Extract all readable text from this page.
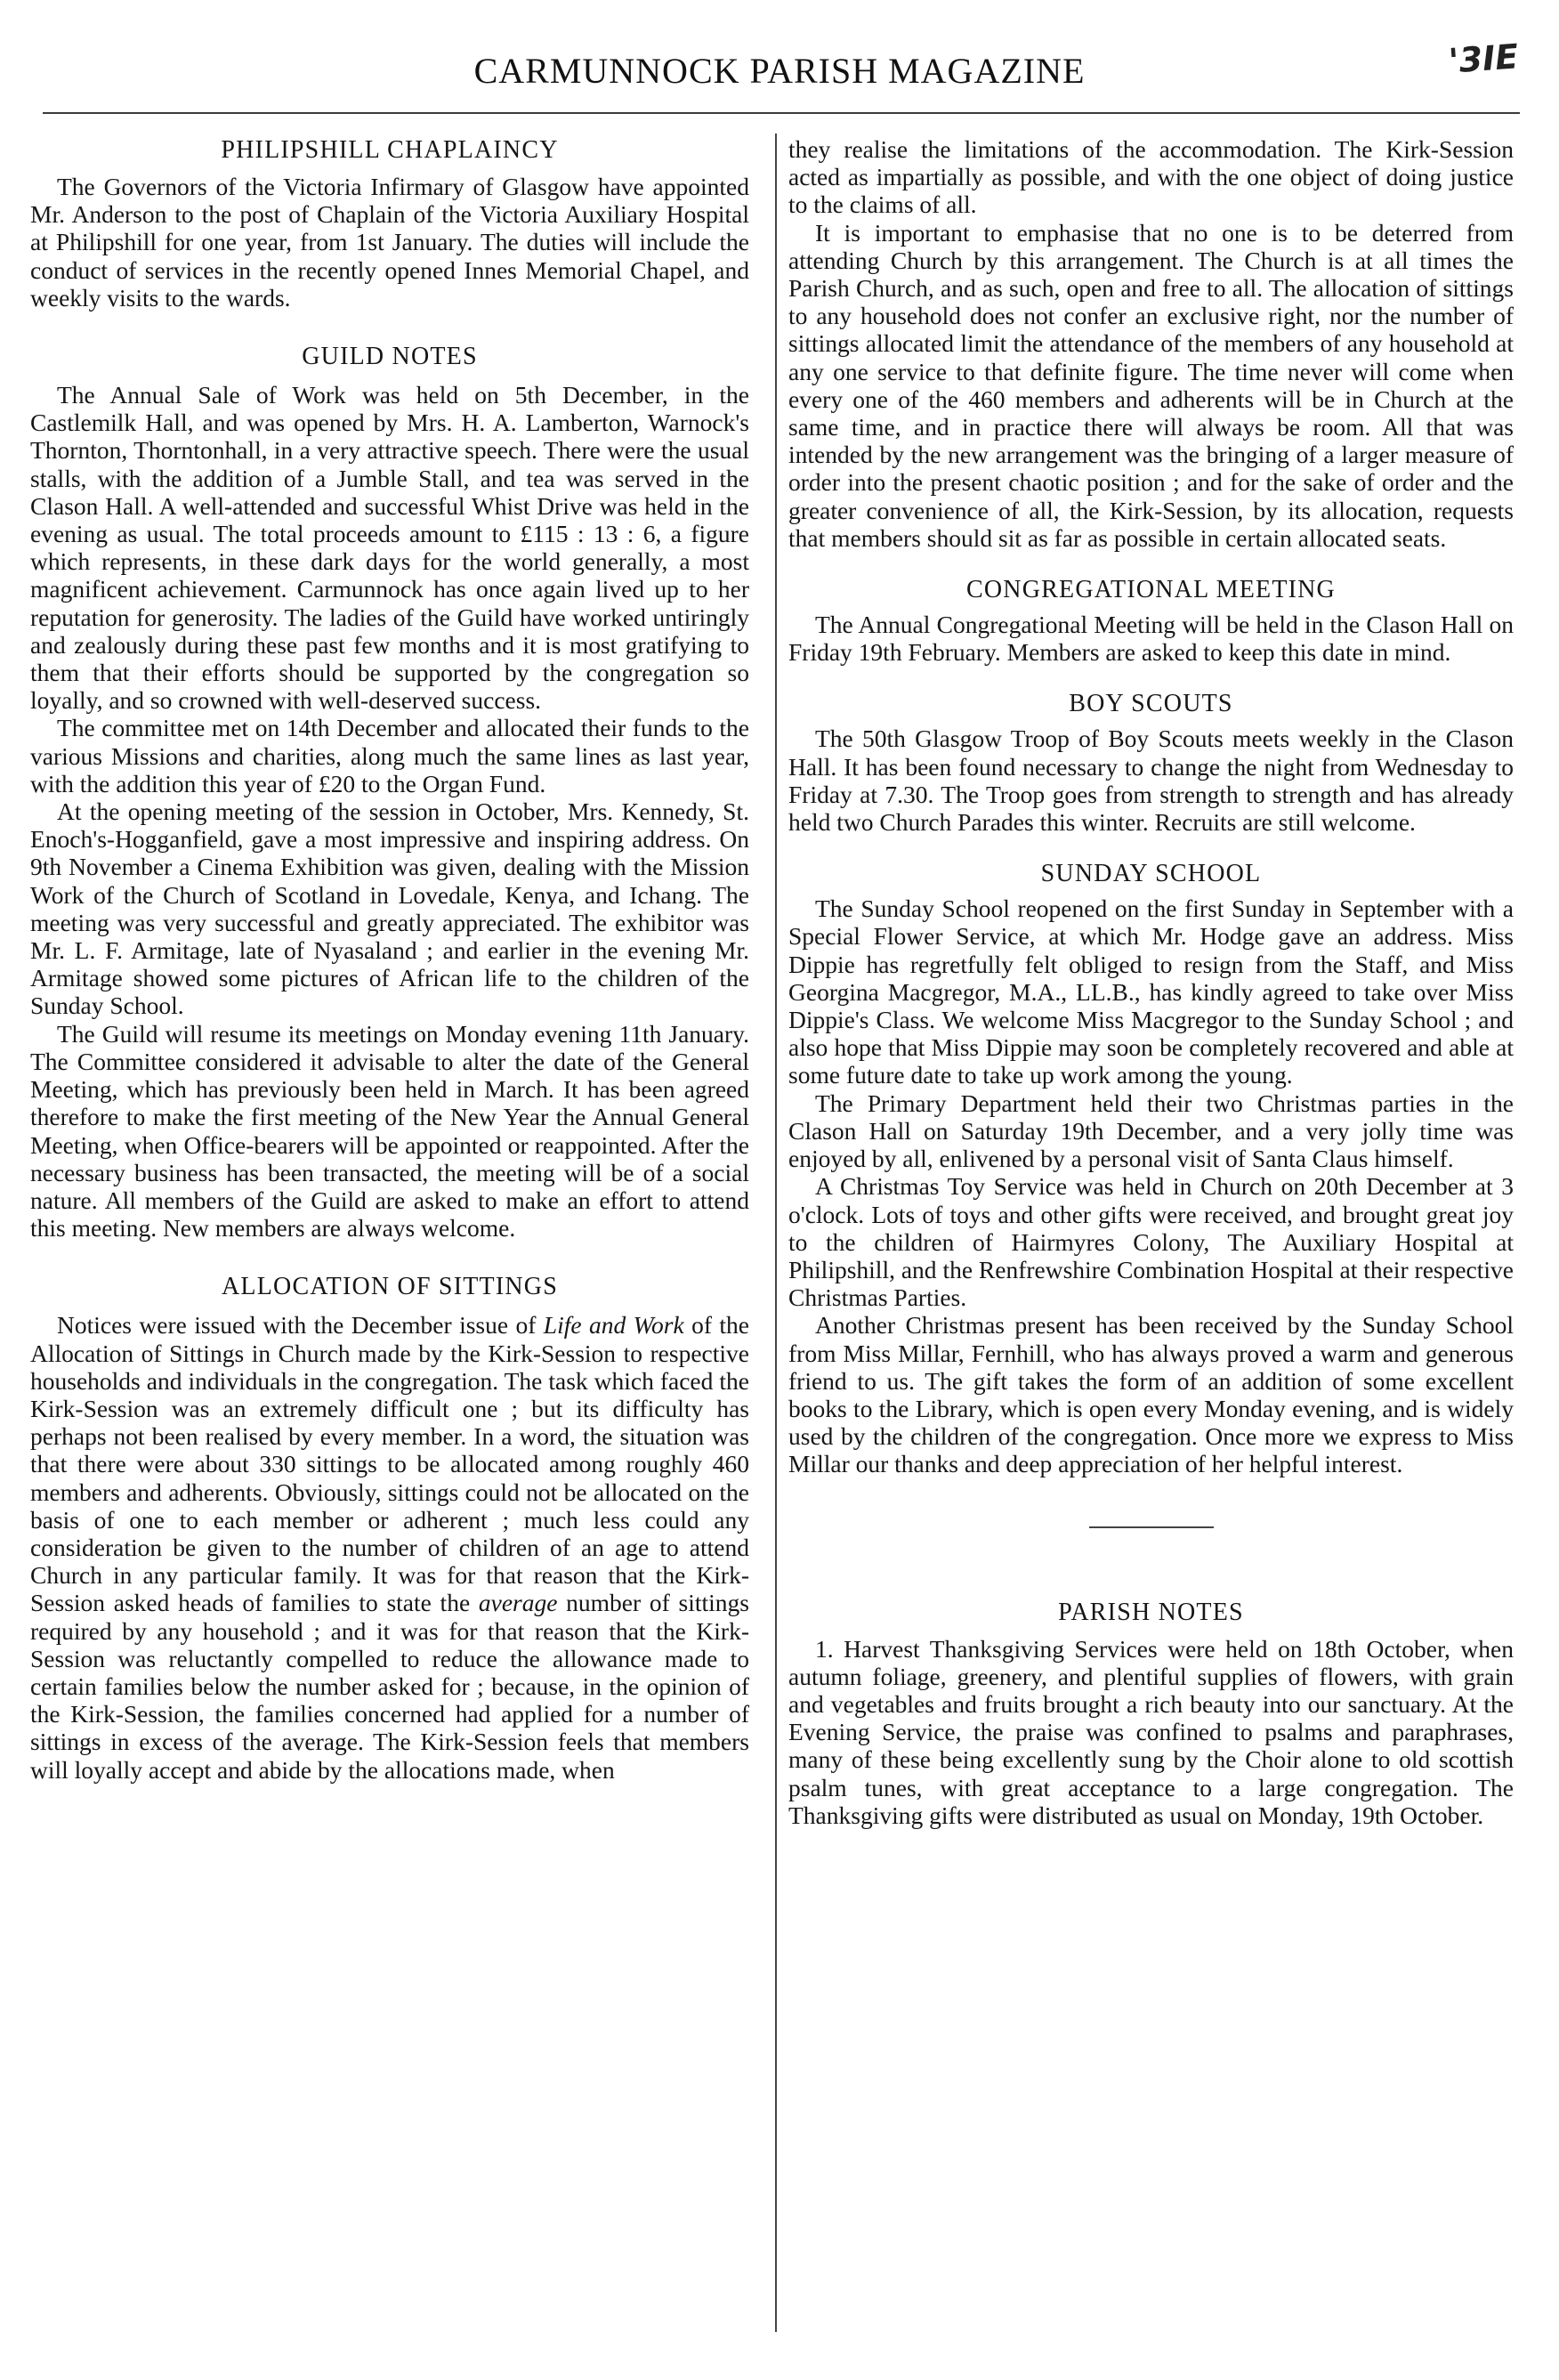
CARMUNNOCK PARISH MAGAZINE	'3IE
PHILIPSHILL CHAPLAINCY

The Governors of the Victoria Infirmary of Glasgow have appointed Mr. Anderson to the post of Chaplain of the Victoria Auxiliary Hospital at Philipshill for one year, from 1st January. The duties will include the conduct of services in the recently opened Innes Memorial Chapel, and weekly visits to the wards.

GUILD NOTES

The Annual Sale of Work was held on 5th December, in the Castlemilk Hall, and was opened by Mrs. H. A. Lamberton, Warnock's Thornton, Thorntonhall, in a very attractive speech. There were the usual stalls, with the addition of a Jumble Stall, and tea was served in the Clason Hall. A well-attended and successful Whist Drive was held in the evening as usual. The total proceeds amount to £115 : 13 : 6, a figure which represents, in these dark days for the world generally, a most magnificent achievement. Carmunnock has once again lived up to her reputation for generosity. The ladies of the Guild have worked untiringly and zealously during these past few months and it is most gratifying to them that their efforts should be supported by the congregation so loyally, and so crowned with well-deserved success.

The committee met on 14th December and allocated their funds to the various Missions and charities, along much the same lines as last year, with the addition this year of £20 to the Organ Fund.

At the opening meeting of the session in October, Mrs. Kennedy, St. Enoch's-Hogganfield, gave a most impressive and inspiring address. On 9th November a Cinema Exhibition was given, dealing with the Mission Work of the Church of Scotland in Lovedale, Kenya, and Ichang. The meeting was very successful and greatly appreciated. The exhibitor was Mr. L. F. Armitage, late of Nyasaland ; and earlier in the evening Mr. Armitage showed some pictures of African life to the children of the Sunday School.

The Guild will resume its meetings on Monday evening 11th January. The Committee considered it advisable to alter the date of the General Meeting, which has previously been held in March. It has been agreed therefore to make the first meeting of the New Year the Annual General Meeting, when Office-bearers will be appointed or reappointed. After the necessary business has been transacted, the meeting will be of a social nature. All members of the Guild are asked to make an effort to attend this meeting. New members are always welcome.

ALLOCATION OF SITTINGS

Notices were issued with the December issue of Life and Work of the Allocation of Sittings in Church made by the Kirk-Session to respective households and individuals in the congregation. The task which faced the Kirk-Session was an extremely difficult one ; but its difficulty has perhaps not been realised by every member. In a word, the situation was that there were about 330 sittings to be allocated among roughly 460 members and adherents. Obviously, sittings could not be allocated on the basis of one to each member or adherent ; much less could any consideration be given to the number of children of an age to attend Church in any particular family. It was for that reason that the Kirk-Session asked heads of families to state the average number of sittings required by any household ; and it was for that reason that the Kirk-Session was reluctantly compelled to reduce the allowance made to certain families below the number asked for ; because, in the opinion of the Kirk-Session, the families concerned had applied for a number of sittings in excess of the average. The Kirk-Session feels that members will loyally accept and abide by the allocations made, when

they realise the limitations of the accommodation. The Kirk-Session acted as impartially as possible, and with the one object of doing justice to the claims of all.

It is important to emphasise that no one is to be deterred from attending Church by this arrangement. The Church is at all times the Parish Church, and as such, open and free to all. The allocation of sittings to any household does not confer an exclusive right, nor the number of sittings allocated limit the attendance of the members of any household at any one service to that definite figure. The time never will come when every one of the 460 members and adherents will be in Church at the same time, and in practice there will always be room. All that was intended by the new arrangement was the bringing of a larger measure of order into the present chaotic position ; and for the sake of order and the greater convenience of all, the Kirk-Session, by its allocation, requests that members should sit as far as possible in certain allocated seats.

CONGREGATIONAL MEETING

The Annual Congregational Meeting will be held in the Clason Hall on Friday 19th February. Members are asked to keep this date in mind.

BOY SCOUTS

The 50th Glasgow Troop of Boy Scouts meets weekly in the Clason Hall. It has been found necessary to change the night from Wednesday to Friday at 7.30. The Troop goes from strength to strength and has already held two Church Parades this winter. Recruits are still welcome.

SUNDAY SCHOOL

The Sunday School reopened on the first Sunday in September with a Special Flower Service, at which Mr. Hodge gave an address. Miss Dippie has regretfully felt obliged to resign from the Staff, and Miss Georgina Macgregor, M.A., LL.B., has kindly agreed to take over Miss Dippie's Class. We welcome Miss Macgregor to the Sunday School ; and also hope that Miss Dippie may soon be completely recovered and able at some future date to take up work among the young.

The Primary Department held their two Christmas parties in the Clason Hall on Saturday 19th December, and a very jolly time was enjoyed by all, enlivened by a personal visit of Santa Claus himself.

A Christmas Toy Service was held in Church on 20th December at 3 o'clock. Lots of toys and other gifts were received, and brought great joy to the children of Hairmyres Colony, The Auxiliary Hospital at Philipshill, and the Renfrewshire Combination Hospital at their respective Christmas Parties.

Another Christmas present has been received by the Sunday School from Miss Millar, Fernhill, who has always proved a warm and generous friend to us. The gift takes the form of an addition of some excellent books to the Library, which is open every Monday evening, and is widely used by the children of the congregation. Once more we express to Miss Millar our thanks and deep appreciation of her helpful interest.

PARISH NOTES

1. Harvest Thanksgiving Services were held on 18th October, when autumn foliage, greenery, and plentiful supplies of flowers, with grain and vegetables and fruits brought a rich beauty into our sanctuary. At the Evening Service, the praise was confined to psalms and paraphrases, many of these being excellently sung by the Choir alone to old scottish psalm tunes, with great acceptance to a large congregation. The Thanksgiving gifts were distributed as usual on Monday, 19th October.
